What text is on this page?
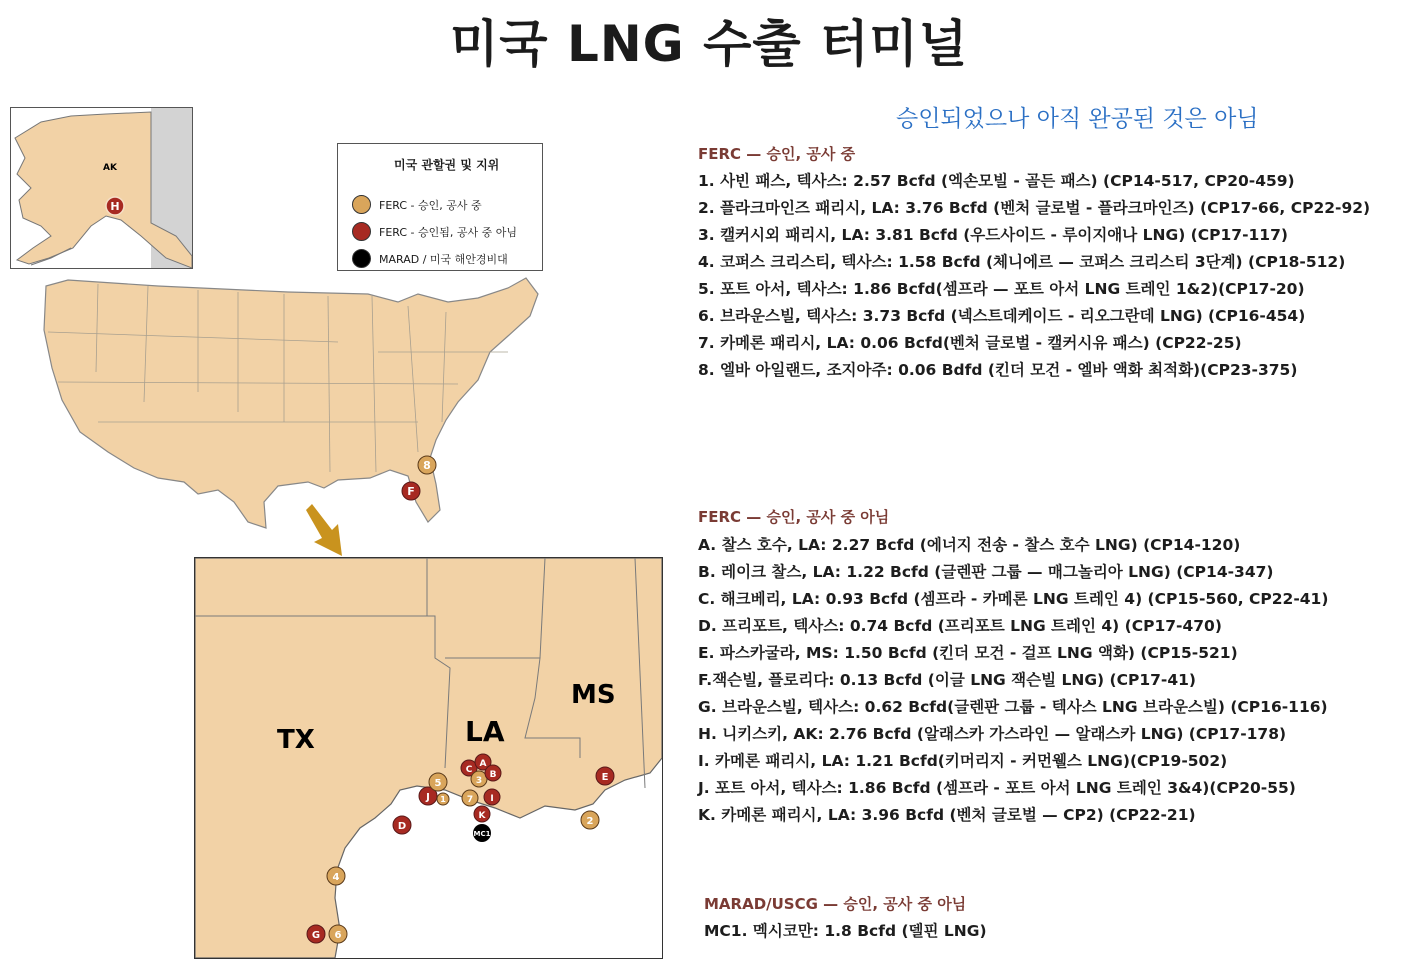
미국 LNG 수출 터미널
승인되었으나 아직 완공된 것은 아님
AK
H
미국 관할권 및 지위
FERC - 승인, 공사 중
FERC - 승인됨, 공사 중 아님
MARAD / 미국 해안경비대
8
F
TX	LA
MS
G 6
4
D
J
5
1
C
A
3
B
7 I
K
MC1
E
2
FERC — 승인, 공사 중
1. 사빈 패스, 텍사스: 2.57 Bcfd (엑손모빌 - 골든 패스) (CP14-517, CP20-459)
2. 플라크마인즈 패리시, LA: 3.76 Bcfd (벤처 글로벌 - 플라크마인즈) (CP17-66, CP22-92)
3. 캘커시외 패리시, LA: 3.81 Bcfd (우드사이드 - 루이지애나 LNG) (CP17-117)
4. 코퍼스 크리스티, 텍사스: 1.58 Bcfd (체니에르 — 코퍼스 크리스티 3단계) (CP18-512)
5. 포트 아서, 텍사스: 1.86 Bcfd(셈프라 — 포트 아서 LNG 트레인 1&2)(CP17-20)
6. 브라운스빌, 텍사스: 3.73 Bcfd (넥스트데케이드 - 리오그란데 LNG) (CP16-454)
7. 카메론 패리시, LA: 0.06 Bcfd(벤처 글로벌 - 캘커시유 패스) (CP22-25)
8. 엘바 아일랜드, 조지아주: 0.06 Bdfd (킨더 모건 - 엘바 액화 최적화)(CP23-375)
FERC — 승인, 공사 중 아님
A. 찰스 호수, LA: 2.27 Bcfd (에너지 전송 - 찰스 호수 LNG) (CP14-120)
B. 레이크 찰스, LA: 1.22 Bcfd (글렌판 그룹 — 매그놀리아 LNG) (CP14-347)
C. 해크베리, LA: 0.93 Bcfd (셈프라 - 카메론 LNG 트레인 4) (CP15-560, CP22-41)
D. 프리포트, 텍사스: 0.74 Bcfd (프리포트 LNG 트레인 4) (CP17-470)
E. 파스카굴라, MS: 1.50 Bcfd (킨더 모건 - 걸프 LNG 액화) (CP15-521)
F.잭슨빌, 플로리다: 0.13 Bcfd (이글 LNG 잭슨빌 LNG) (CP17-41)
G. 브라운스빌, 텍사스: 0.62 Bcfd(글렌판 그룹 - 텍사스 LNG 브라운스빌) (CP16-116)
H. 니키스키, AK: 2.76 Bcfd (알래스카 가스라인 — 알래스카 LNG) (CP17-178)
I. 카메론 패리시, LA: 1.21 Bcfd(키머리지 - 커먼웰스 LNG)(CP19-502)
J. 포트 아서, 텍사스: 1.86 Bcfd (셈프라 - 포트 아서 LNG 트레인 3&4)(CP20-55)
K. 카메론 패리시, LA: 3.96 Bcfd (벤처 글로벌 — CP2) (CP22-21)
MARAD/USCG — 승인, 공사 중 아님
MC1. 멕시코만: 1.8 Bcfd (델핀 LNG)
